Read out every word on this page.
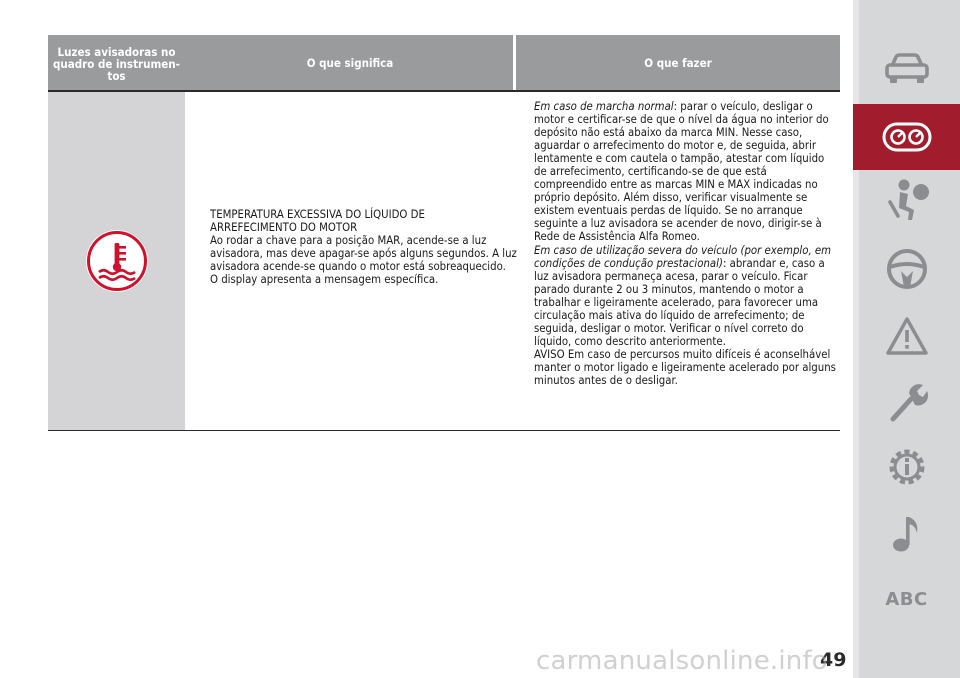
Luzes avisadoras no
quadro de instrumen-
tos
O que significa	O que fazer

TEMPERATURA EXCESSIVA DO LÍQUIDO DE

ARREFECIMENTO DO MOTOR

Ao rodar a chave para a posição MAR, acende-se a luz avisadora, mas deve apagar-se após alguns segundos. A luz avisadora acende-se quando o motor está sobreaquecido.

O display apresenta a mensagem específica.

Em caso de marcha normal: parar o veículo, desligar o motor e certificar-se de que o nível da água no interior do depósito não está abaixo da marca MIN. Nesse caso, aguardar o arrefecimento do motor e, de seguida, abrir lentamente e com cautela o tampão, atestar com líquido de arrefecimento, certificando-se de que está compreendido entre as marcas MIN e MAX indicadas no próprio depósito. Além disso, verificar visualmente se existem eventuais perdas de líquido. Se no arranque seguinte a luz avisadora se acender de novo, dirigir-se à Rede de Assistência Alfa Romeo.

Em caso de utilização severa do veículo (por exemplo, em condições de condução prestacional): abrandar e, caso a luz avisadora permaneça acesa, parar o veículo. Ficar parado durante 2 ou 3 minutos, mantendo o motor a trabalhar e ligeiramente acelerado, para favorecer uma circulação mais ativa do líquido de arrefecimento; de seguida, desligar o motor. Verificar o nível correto do líquido, como descrito anteriormente.

AVISO Em caso de percursos muito difíceis é aconselhável manter o motor ligado e ligeiramente acelerado por alguns minutos antes de o desligar.

ABC
49
carmanualsonline.info
